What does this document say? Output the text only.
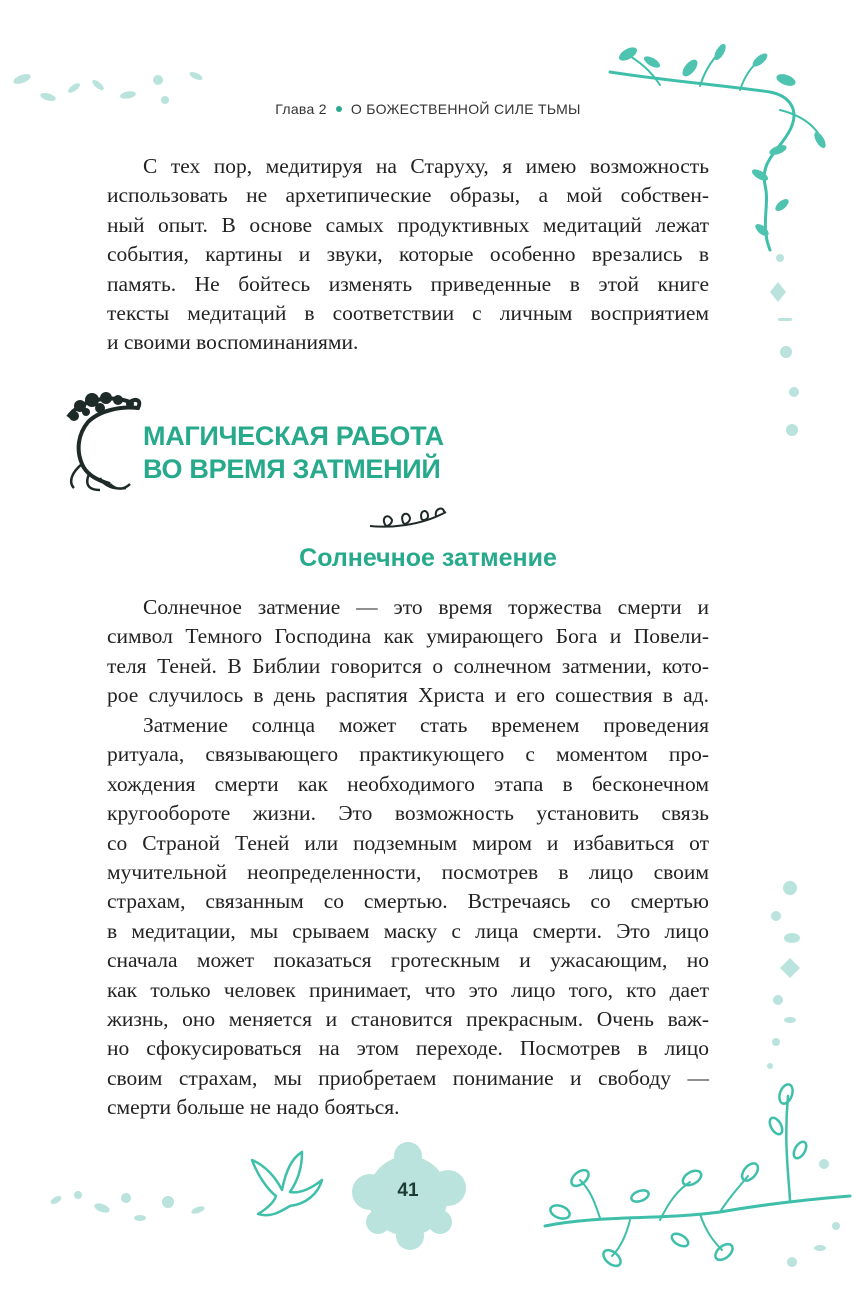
Глава 2 О БОЖЕСТВЕННОЙ СИЛЕ ТЬМЫ

С тех пор, медитируя на Старуху, я имею возможность
использовать не архетипические образы, а мой собствен-
ный опыт. В основе самых продуктивных медитаций лежат
события, картины и звуки, которые особенно врезались в
память. Не бойтесь изменять приведенные в этой книге
тексты медитаций в соответствии с личным восприятием
и своими воспоминаниями.

МАГИЧЕСКАЯ РАБОТА
ВО ВРЕМЯ ЗАТМЕНИЙ
Солнечное затмение

Солнечное затмение — это время торжества смерти и
символ Темного Господина как умирающего Бога и Повели-
теля Теней. В Библии говорится о солнечном затмении, кото-
рое случилось в день распятия Христа и его сошествия в ад.

Затмение солнца может стать временем проведения
ритуала, связывающего практикующего с моментом про-
хождения смерти как необходимого этапа в бесконечном
кругообороте жизни. Это возможность установить связь
со Страной Теней или подземным миром и избавиться от
мучительной неопределенности, посмотрев в лицо своим
страхам, связанным со смертью. Встречаясь со смертью
в медитации, мы срываем маску с лица смерти. Это лицо
сначала может показаться гротескным и ужасающим, но
как только человек принимает, что это лицо того, кто дает
жизнь, оно меняется и становится прекрасным. Очень важ-
но сфокусироваться на этом переходе. Посмотрев в лицо
своим страхам, мы приобретаем понимание и свободу —
смерти больше не надо бояться.

41
